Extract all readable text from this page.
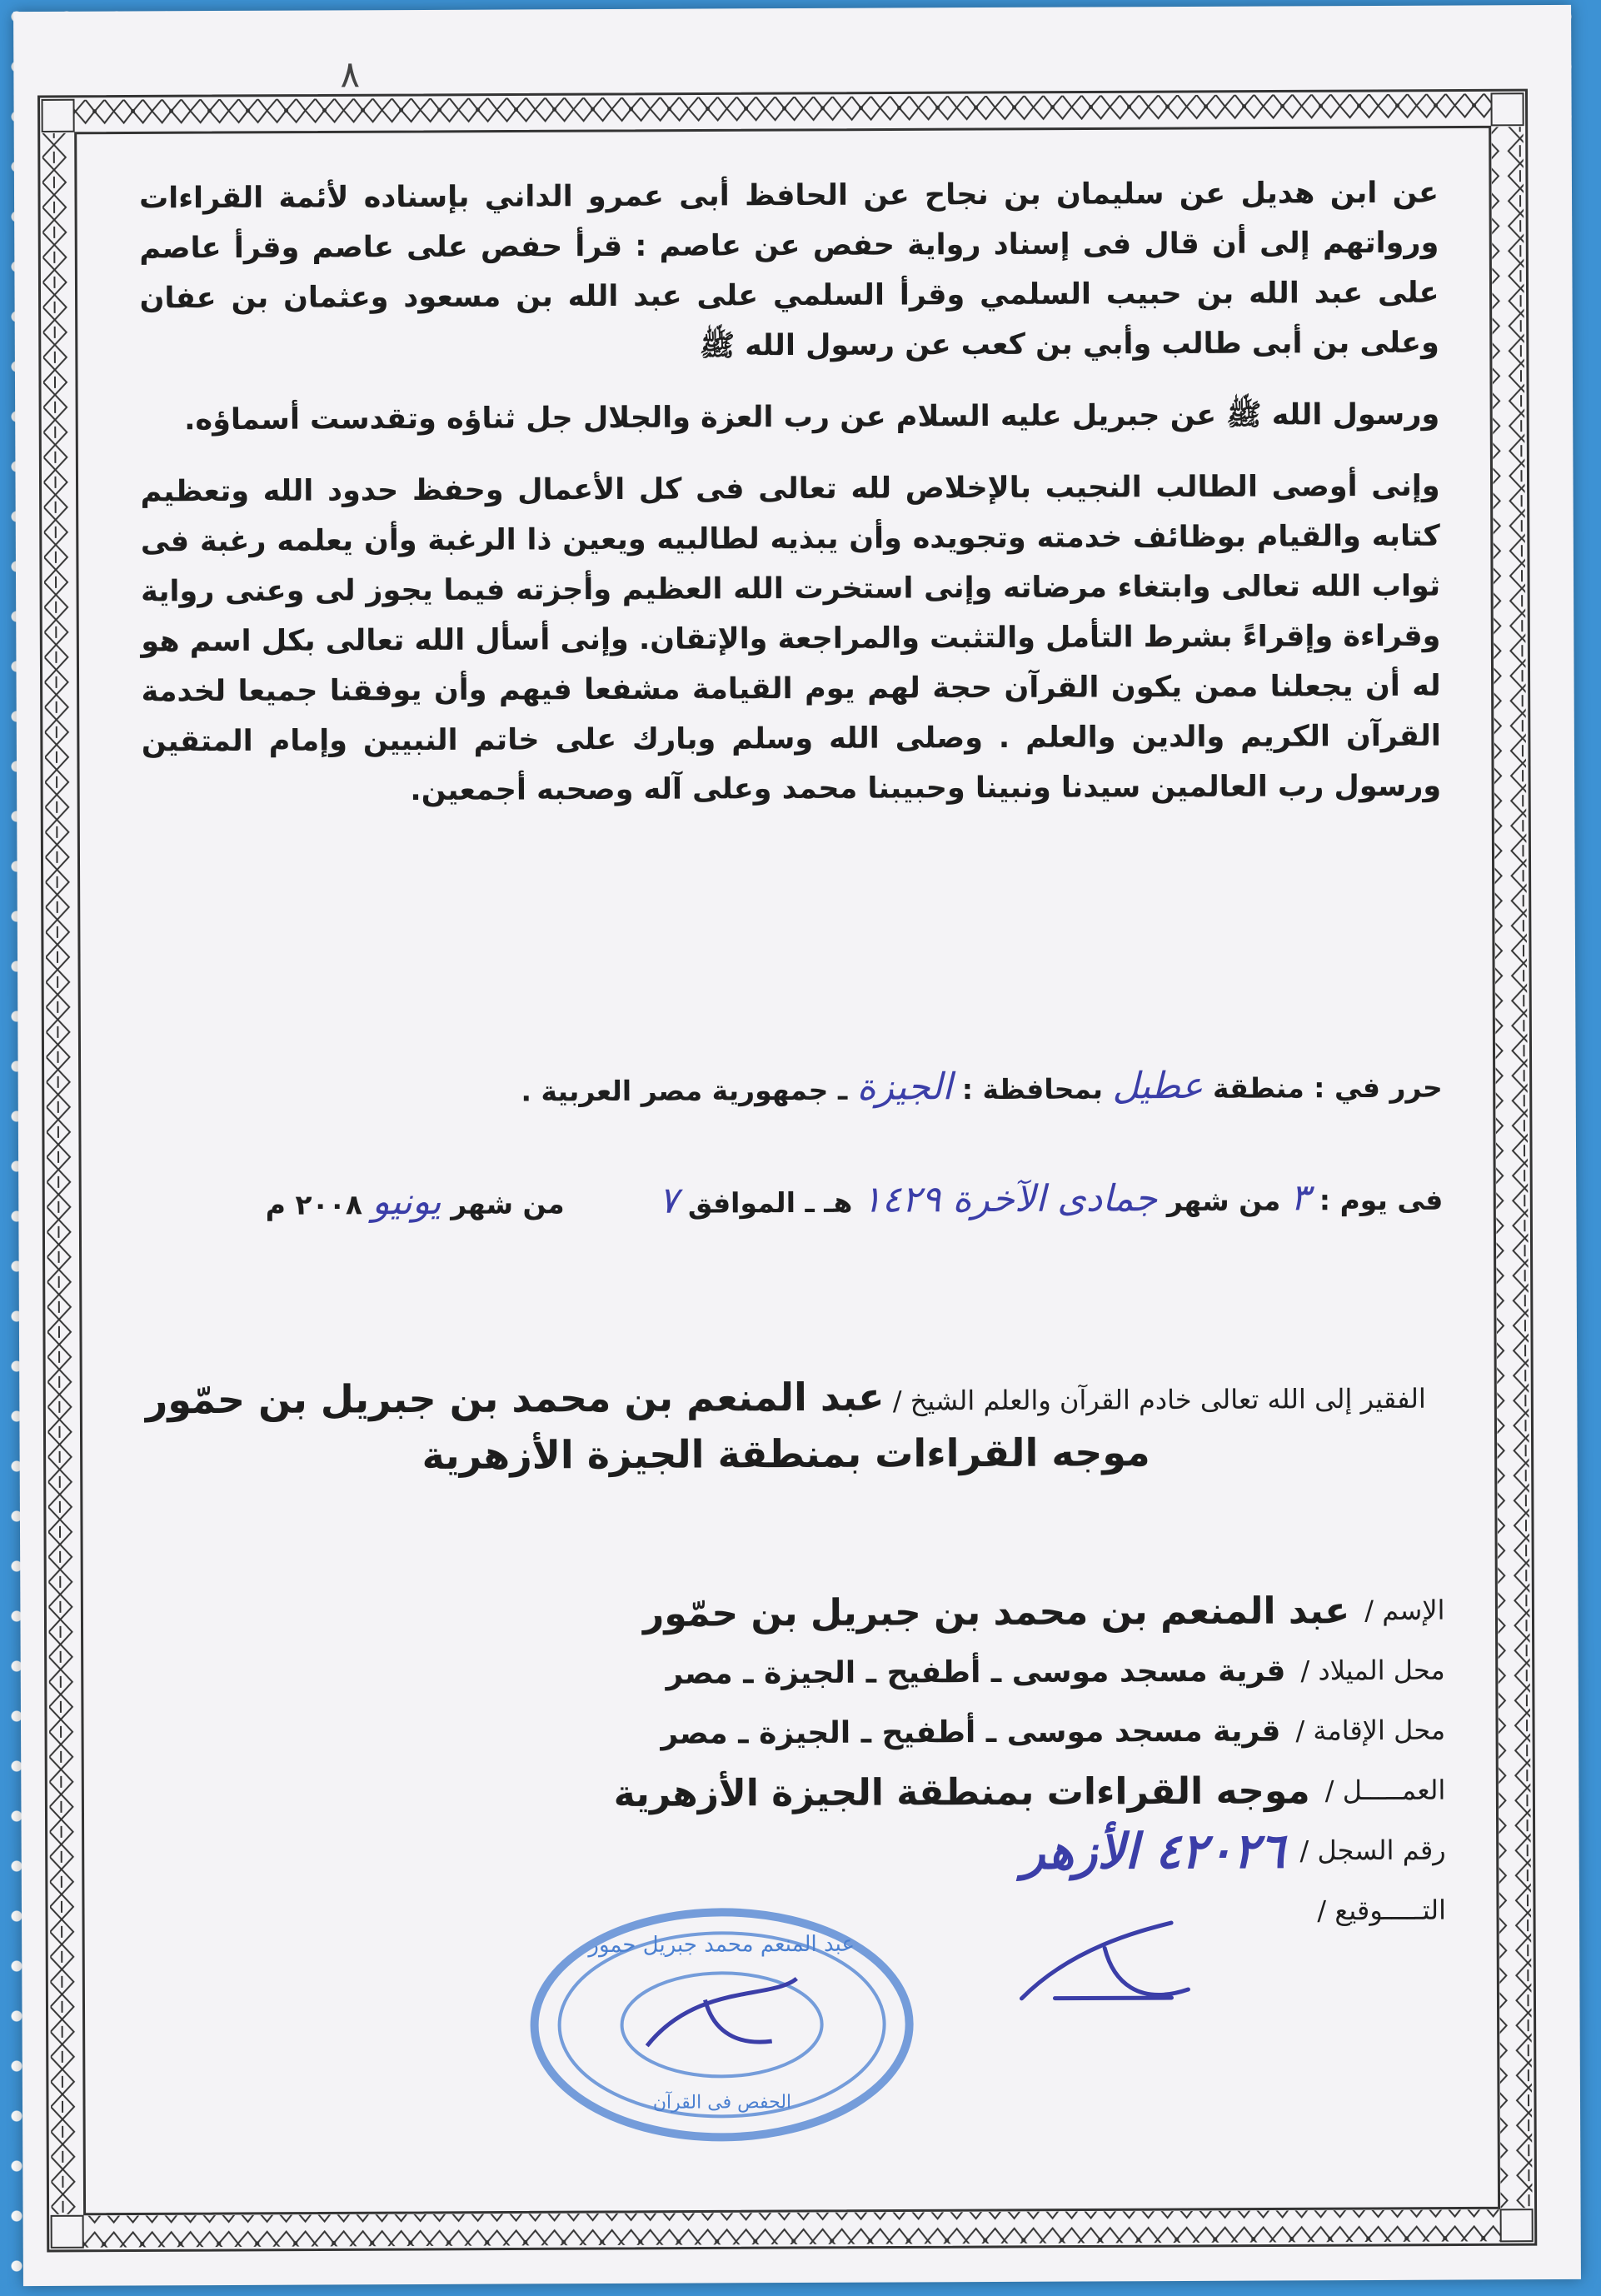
٨

عن ابن هديل عن سليمان بن نجاح عن الحافظ أبى عمرو الداني بإسناده لأئمة القراءات ورواتهم إلى أن قال فى إسناد رواية حفص عن عاصم : قرأ حفص على عاصم وقرأ عاصم على عبد الله بن حبيب السلمي وقرأ السلمي على عبد الله بن مسعود وعثمان بن عفان وعلى بن أبى طالب وأبي بن كعب عن رسول الله ﷺ

ورسول الله ﷺ عن جبريل عليه السلام عن رب العزة والجلال جل ثناؤه وتقدست أسماؤه.

وإنى أوصى الطالب النجيب بالإخلاص لله تعالى فى كل الأعمال وحفظ حدود الله وتعظيم كتابه والقيام بوظائف خدمته وتجويده وأن يبذيه لطالبيه ويعين ذا الرغبة وأن يعلمه رغبة فى ثواب الله تعالى وابتغاء مرضاته وإنى استخرت الله العظيم وأجزته فيما يجوز لى وعنى رواية وقراءة وإقراءً بشرط التأمل والتثبت والمراجعة والإتقان. وإنى أسأل الله تعالى بكل اسم هو له أن يجعلنا ممن يكون القرآن حجة لهم يوم القيامة مشفعا فيهم وأن يوفقنا جميعا لخدمة القرآن الكريم والدين والعلم . وصلى الله وسلم وبارك على خاتم النبيين وإمام المتقين ورسول رب العالمين سيدنا ونبينا وحبيبنا محمد وعلى آله وصحبه أجمعين.

حرر في : منطقة عطيل بمحافظة : الجيزة ـ جمهورية مصر العربية .
فى يوم : ٣ من شهر جمادى الآخرة ١٤٢٩ هـ ـ الموافق ٧  من شهر يونيو ٢٠٠٨ م
الفقير إلى الله تعالى خادم القرآن والعلم الشيخ / عبد المنعم بن محمد بن جبريل بن حمّور
موجه القراءات بمنطقة الجيزة الأزهرية
الإسم /
عبد المنعم بن محمد بن جبريل بن حمّور
محل الميلاد /
قرية مسجد موسى ـ أطفيح ـ الجيزة ـ مصر
محل الإقامة /
قرية مسجد موسى ـ أطفيح ـ الجيزة ـ مصر
العمـــــل /
موجه القراءات بمنطقة الجيزة الأزهرية
رقم السجل /
٤٢٠٢٦ الأزهر
التـــــوقيع /
عبد المنعم محمد جبريل حمور
الحفص فى القرآن
